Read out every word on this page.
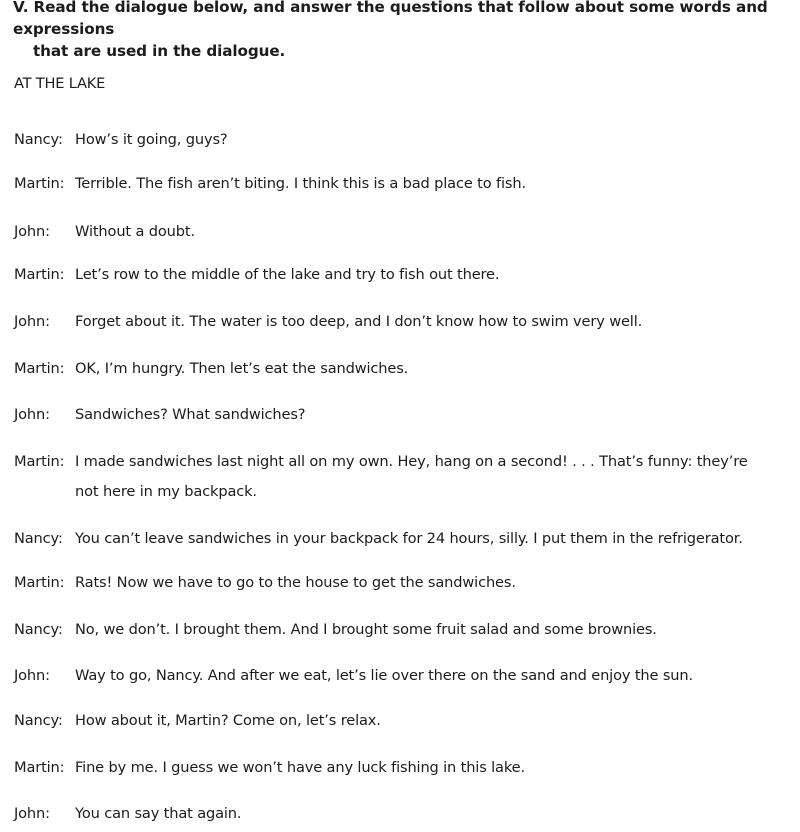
V. Read the dialogue below, and answer the questions that follow about some words and expressions
that are used in the dialogue.
AT THE LAKE
Nancy: How’s it going, guys?
Martin: Terrible. The fish aren’t biting. I think this is a bad place to fish.
John: Without a doubt.
Martin: Let’s row to the middle of the lake and try to fish out there.
John: Forget about it. The water is too deep, and I don’t know how to swim very well.
Martin: OK, I’m hungry. Then let’s eat the sandwiches.
John: Sandwiches? What sandwiches?
Martin: I made sandwiches last night all on my own. Hey, hang on a second! . . . That’s funny: they’re
not here in my backpack.
Nancy: You can’t leave sandwiches in your backpack for 24 hours, silly. I put them in the refrigerator.
Martin: Rats! Now we have to go to the house to get the sandwiches.
Nancy: No, we don’t. I brought them. And I brought some fruit salad and some brownies.
John: Way to go, Nancy. And after we eat, let’s lie over there on the sand and enjoy the sun.
Nancy: How about it, Martin? Come on, let’s relax.
Martin: Fine by me. I guess we won’t have any luck fishing in this lake.
John: You can say that again.
